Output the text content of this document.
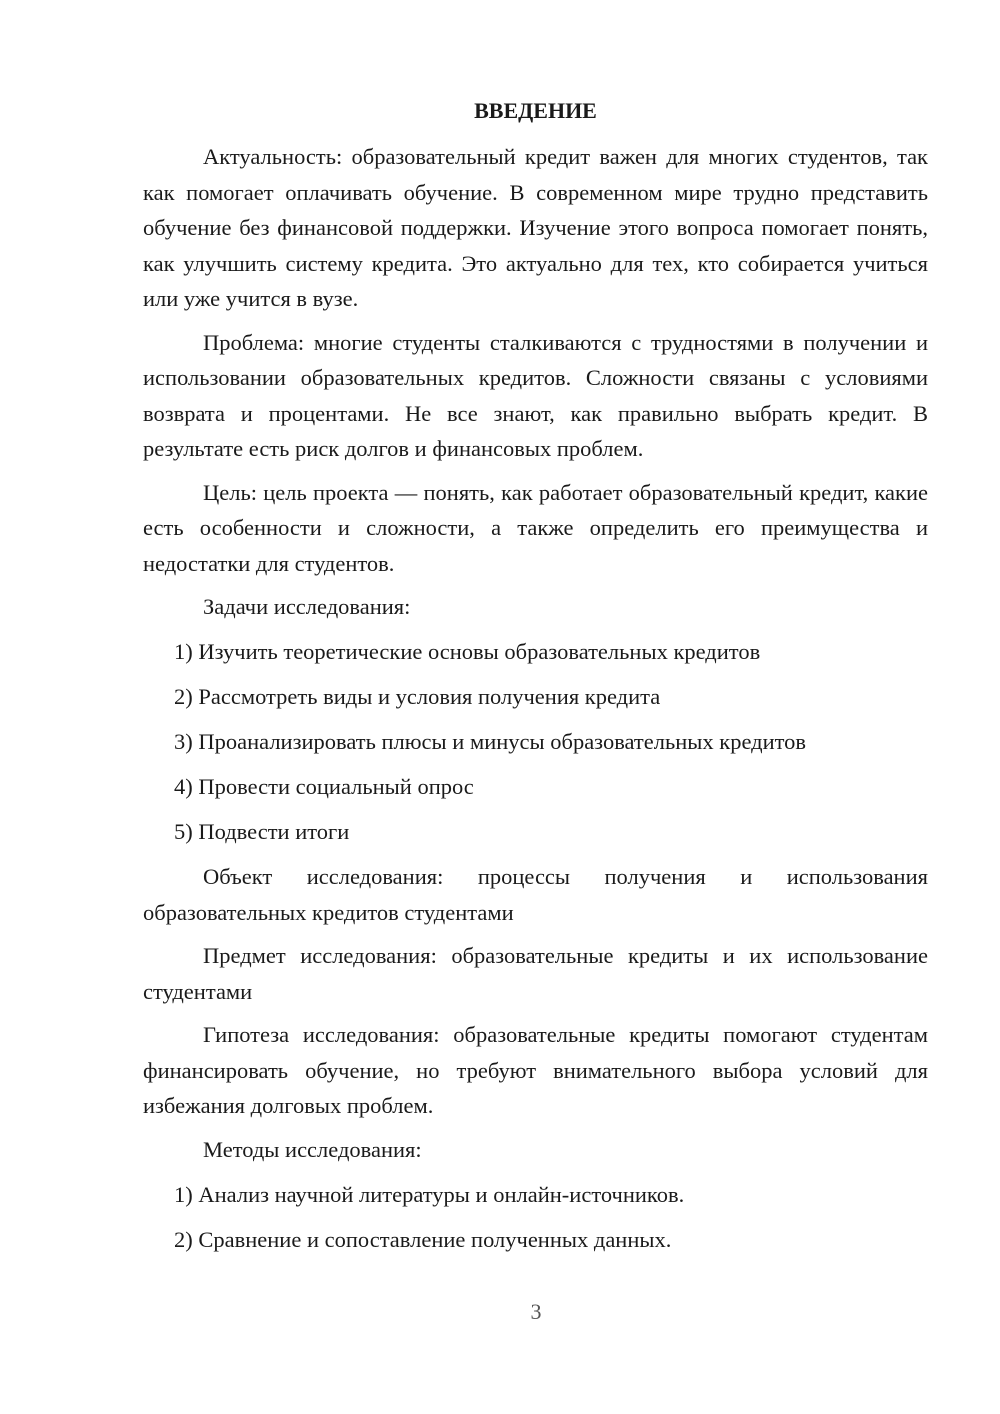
ВВЕДЕНИЕ

Актуальность: образовательный кредит важен для многих студентов, так как помогает оплачивать обучение. В современном мире трудно представить обучение без финансовой поддержки. Изучение этого вопроса помогает понять, как улучшить систему кредита. Это актуально для тех, кто собирается учиться или уже учится в вузе.

Проблема: многие студенты сталкиваются с трудностями в получении и использовании образовательных кредитов. Сложности связаны с условиями возврата и процентами. Не все знают, как правильно выбрать кредит. В результате есть риск долгов и финансовых проблем.

Цель: цель проекта — понять, как работает образовательный кредит, какие есть особенности и сложности, а также определить его преимущества и недостатки для студентов.

Задачи исследования:
1) Изучить теоретические основы образовательных кредитов
2) Рассмотреть виды и условия получения кредита
3) Проанализировать плюсы и минусы образовательных кредитов
4) Провести социальный опрос
5) Подвести итоги

Объект исследования: процессы получения и использования образовательных кредитов студентами

Предмет исследования: образовательные кредиты и их использование студентами

Гипотеза исследования: образовательные кредиты помогают студентам финансировать обучение, но требуют внимательного выбора условий для избежания долговых проблем.

Методы исследования:
1) Анализ научной литературы и онлайн-источников.
2) Сравнение и сопоставление полученных данных.
3
